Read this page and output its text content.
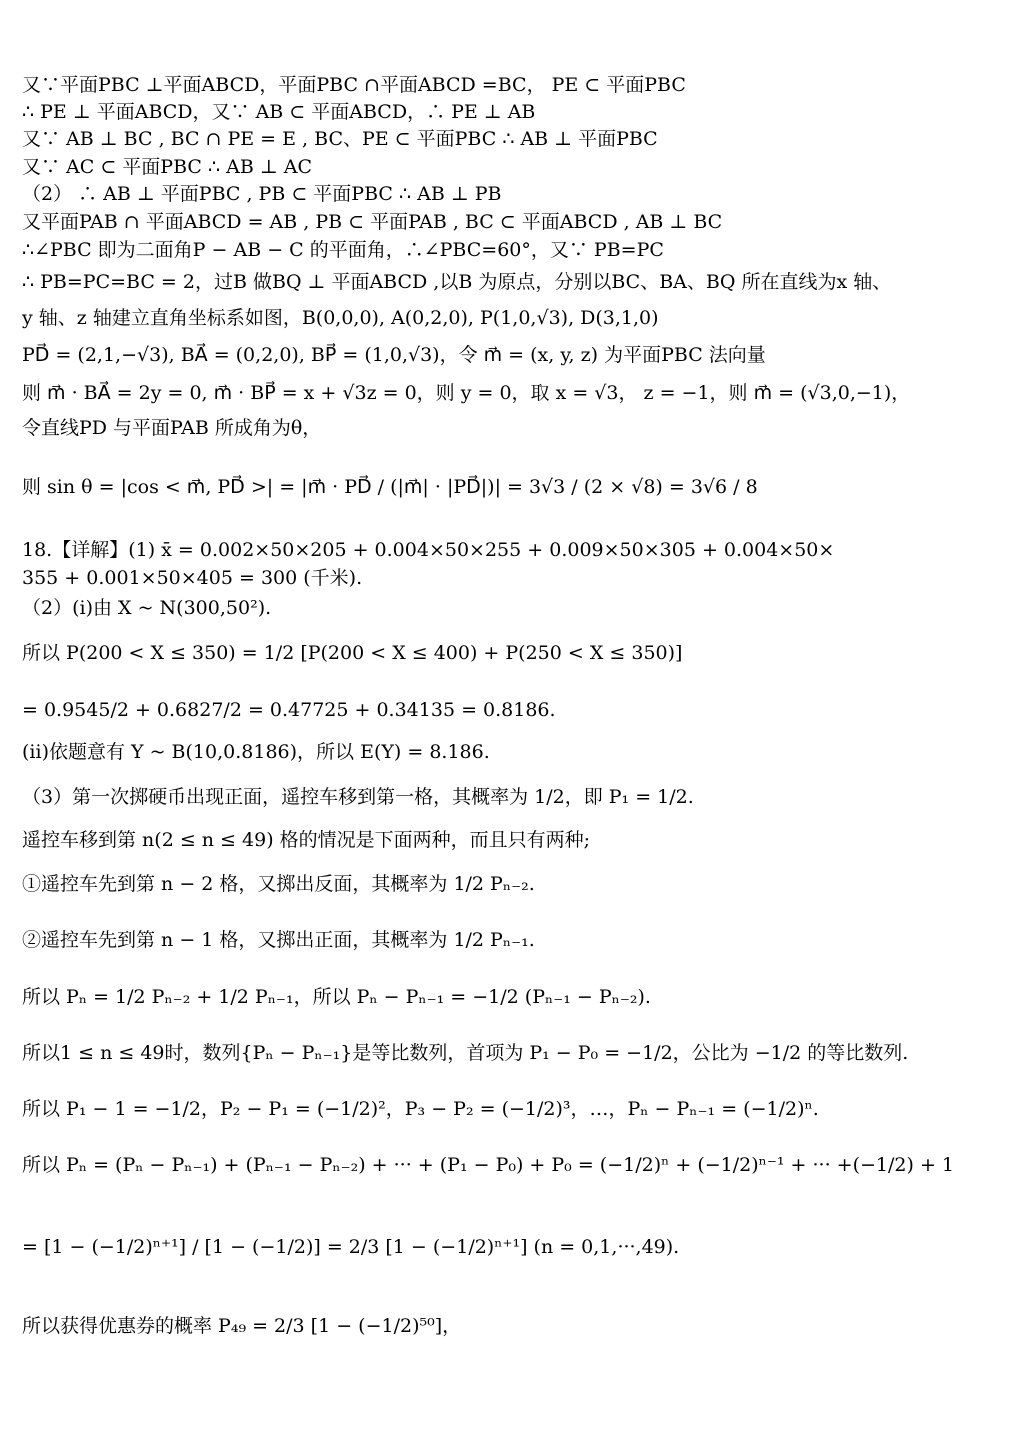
又∵平面PBC ⊥平面ABCD，平面PBC ∩平面ABCD =BC， PE ⊂ 平面PBC
∴ PE ⊥ 平面ABCD，又∵ AB ⊂ 平面ABCD，∴ PE ⊥ AB
又∵ AB ⊥ BC , BC ∩ PE = E , BC、PE ⊂ 平面PBC ∴ AB ⊥ 平面PBC
又∵ AC ⊂ 平面PBC ∴ AB ⊥ AC
（2） ∴ AB ⊥ 平面PBC , PB ⊂ 平面PBC ∴ AB ⊥ PB
又平面PAB ∩ 平面ABCD = AB , PB ⊂ 平面PAB , BC ⊂ 平面ABCD , AB ⊥ BC
∴∠PBC 即为二面角P − AB − C 的平面角，∴∠PBC=60°，又∵ PB=PC
∴ PB=PC=BC = 2，过B 做BQ ⊥ 平面ABCD ,以B 为原点，分别以BC、BA、BQ 所在直线为x 轴、
y 轴、z 轴建立直角坐标系如图，B(0,0,0), A(0,2,0), P(1,0,√3), D(3,1,0)
PD⃗ = (2,1,−√3), BA⃗ = (0,2,0), BP⃗ = (1,0,√3)，令 m⃗ = (x, y, z) 为平面PBC 法向量
则 m⃗ · BA⃗ = 2y = 0, m⃗ · BP⃗ = x + √3z = 0，则 y = 0，取 x = √3， z = −1，则 m⃗ = (√3,0,−1)，
令直线PD 与平面PAB 所成角为θ，
则 sin θ = |cos < m⃗, PD⃗ >| = |m⃗ · PD⃗ / (|m⃗| · |PD⃗|)| = 3√3 / (2 × √8) = 3√6 / 8
18.【详解】(1) x̄ = 0.002×50×205 + 0.004×50×255 + 0.009×50×305 + 0.004×50×
355 + 0.001×50×405 = 300 (千米).
（2）(i)由 X ~ N(300,50²).
所以 P(200 < X ≤ 350) = 1/2 [P(200 < X ≤ 400) + P(250 < X ≤ 350)]
= 0.9545/2 + 0.6827/2 = 0.47725 + 0.34135 = 0.8186.
(ii)依题意有 Y ~ B(10,0.8186)，所以 E(Y) = 8.186.
（3）第一次掷硬币出现正面，遥控车移到第一格，其概率为 1/2，即 P₁ = 1/2.
遥控车移到第 n(2 ≤ n ≤ 49) 格的情况是下面两种，而且只有两种;
①遥控车先到第 n − 2 格，又掷出反面，其概率为 1/2 Pₙ₋₂.
②遥控车先到第 n − 1 格，又掷出正面，其概率为 1/2 Pₙ₋₁.
所以 Pₙ = 1/2 Pₙ₋₂ + 1/2 Pₙ₋₁，所以 Pₙ − Pₙ₋₁ = −1/2 (Pₙ₋₁ − Pₙ₋₂).
所以1 ≤ n ≤ 49时，数列{Pₙ − Pₙ₋₁}是等比数列，首项为 P₁ − P₀ = −1/2，公比为 −1/2 的等比数列.
所以 P₁ − 1 = −1/2，P₂ − P₁ = (−1/2)²，P₃ − P₂ = (−1/2)³，…，Pₙ − Pₙ₋₁ = (−1/2)ⁿ.
所以 Pₙ = (Pₙ − Pₙ₋₁) + (Pₙ₋₁ − Pₙ₋₂) + ··· + (P₁ − P₀) + P₀ = (−1/2)ⁿ + (−1/2)ⁿ⁻¹ + ··· +(−1/2) + 1
= [1 − (−1/2)ⁿ⁺¹] / [1 − (−1/2)] = 2/3 [1 − (−1/2)ⁿ⁺¹] (n = 0,1,···,49).
所以获得优惠券的概率 P₄₉ = 2/3 [1 − (−1/2)⁵⁰]，
